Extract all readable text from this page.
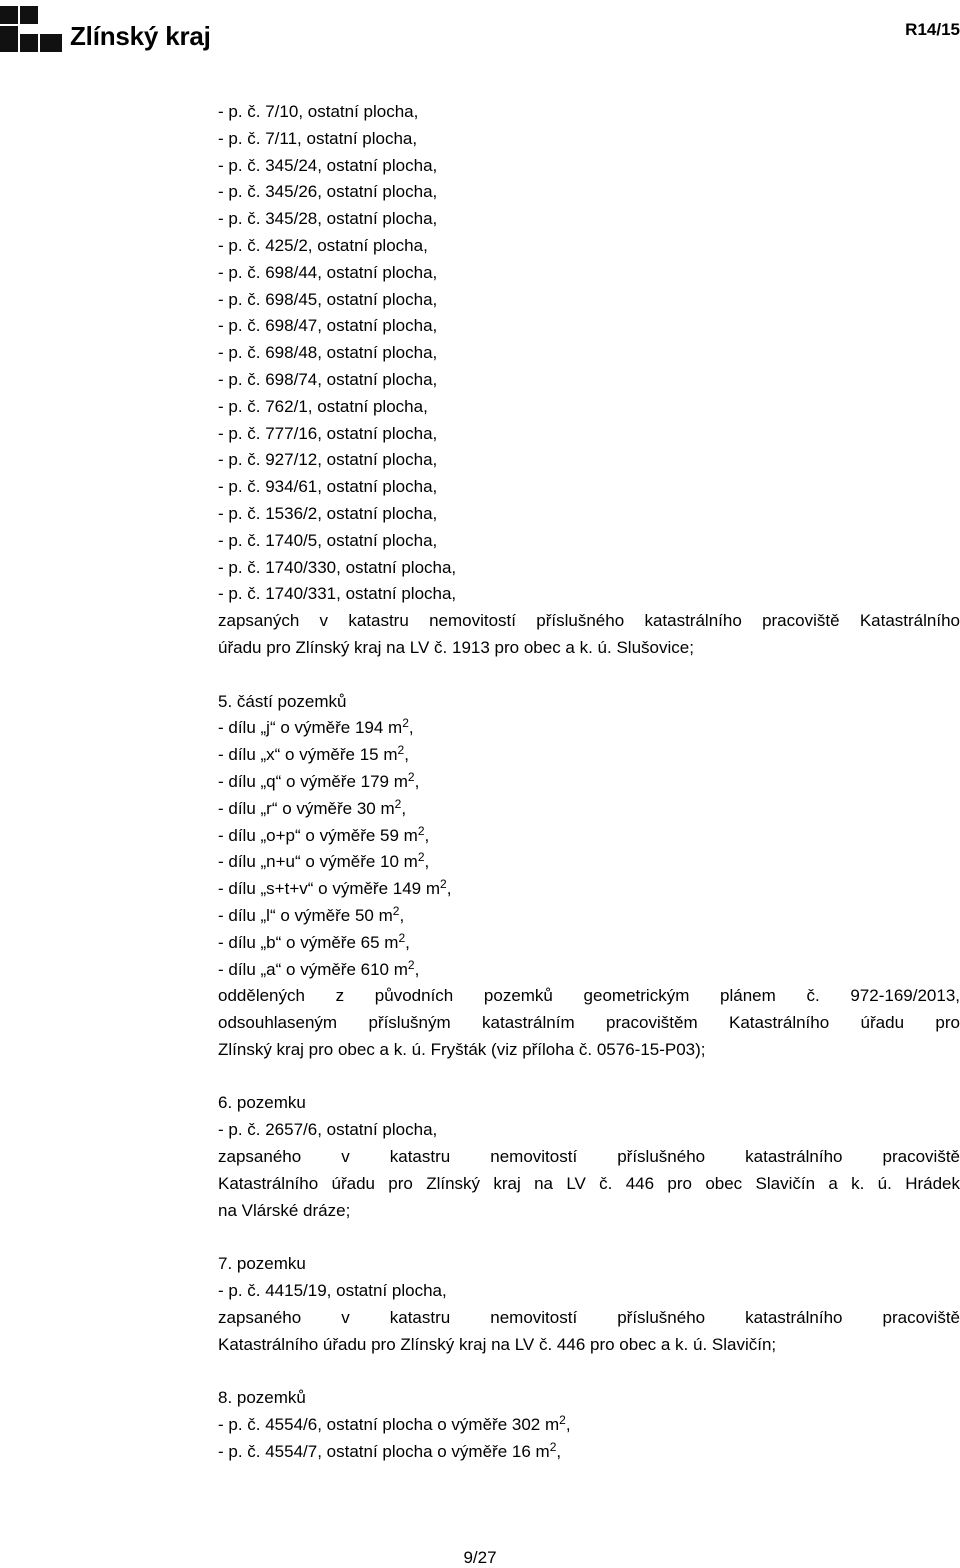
Zlínský kraj	R14/15
- p. č. 7/10, ostatní plocha,
- p. č. 7/11, ostatní plocha,
- p. č. 345/24, ostatní plocha,
- p. č. 345/26, ostatní plocha,
- p. č. 345/28, ostatní plocha,
- p. č. 425/2, ostatní plocha,
- p. č. 698/44, ostatní plocha,
- p. č. 698/45, ostatní plocha,
- p. č. 698/47, ostatní plocha,
- p. č. 698/48, ostatní plocha,
- p. č. 698/74, ostatní plocha,
- p. č. 762/1, ostatní plocha,
- p. č. 777/16, ostatní plocha,
- p. č. 927/12, ostatní plocha,
- p. č. 934/61, ostatní plocha,
- p. č. 1536/2, ostatní plocha,
- p. č. 1740/5, ostatní plocha,
- p. č. 1740/330, ostatní plocha,
- p. č. 1740/331, ostatní plocha,
zapsaných v katastru nemovitostí příslušného katastrálního pracoviště Katastrálního
úřadu pro Zlínský kraj na LV č. 1913 pro obec a k. ú. Slušovice;
5. částí pozemků
- dílu „j“ o výměře 194 $m^2$,
- dílu „x“ o výměře 15 $m^2$,
- dílu „q“ o výměře 179 $m^2$,
- dílu „r“ o výměře 30 $m^2$,
- dílu „o+p“ o výměře 59 $m^2$,
- dílu „n+u“ o výměře 10 $m^2$,
- dílu „s+t+v“ o výměře 149 $m^2$,
- dílu „l“ o výměře 50 $m^2$,
- dílu „b“ o výměře 65 $m^2$,
- dílu „a“ o výměře 610 $m^2$,
oddělených z původních pozemků geometrickým plánem č. 972-169/2013,
odsouhlaseným příslušným katastrálním pracovištěm Katastrálního úřadu pro
Zlínský kraj pro obec a k. ú. Fryšták (viz příloha č. 0576-15-P03);
6. pozemku
- p. č. 2657/6, ostatní plocha,
zapsaného v katastru nemovitostí příslušného katastrálního pracoviště
Katastrálního úřadu pro Zlínský kraj na LV č. 446 pro obec Slavičín a k. ú. Hrádek
na Vlárské dráze;
7. pozemku
- p. č. 4415/19, ostatní plocha,
zapsaného v katastru nemovitostí příslušného katastrálního pracoviště
Katastrálního úřadu pro Zlínský kraj na LV č. 446 pro obec a k. ú. Slavičín;
8. pozemků
- p. č. 4554/6, ostatní plocha o výměře 302 $m^2$,
- p. č. 4554/7, ostatní plocha o výměře 16 $m^2$,
9/27
